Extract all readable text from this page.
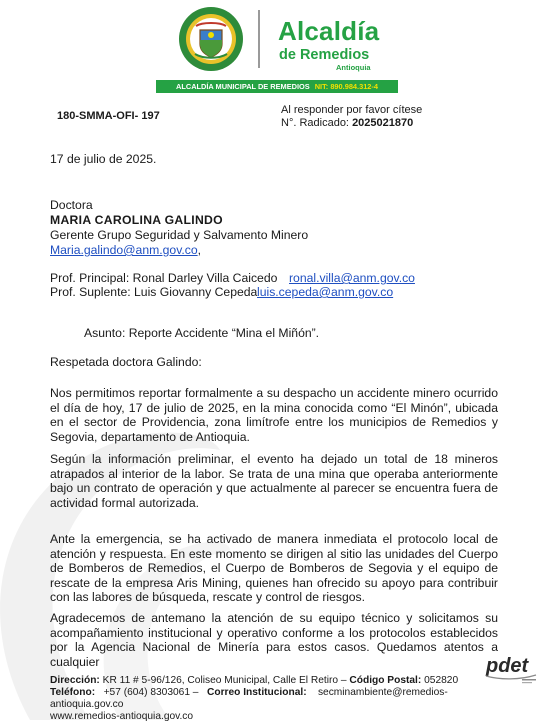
Alcaldía
de Remedios
Antioquia
ALCALDÍA MUNICIPAL DE REMEDIOS NIT: 890.984.312-4
180-SMMA-OFI- 197	Al responder por favor cítese
N°. Radicado: 2025021870
17 de julio de 2025.
Doctora
MARIA CAROLINA GALINDO
Gerente Grupo Seguridad y Salvamento Minero
Maria.galindo@anm.gov.co,
Prof. Principal: Ronal Darley Villa Caicedo ronal.villa@anm.gov.co
Prof. Suplente: Luis Giovanny Cepeda luis.cepeda@anm.gov.co
Asunto: Reporte Accidente “Mina el Miñón”.
Respetada doctora Galindo:
Nos permitimos reportar formalmente a su despacho un accidente minero ocurrido el día de hoy, 17 de julio de 2025, en la mina conocida como “El Minón”, ubicada en el sector de Providencia, zona limítrofe entre los municipios de Remedios y Segovia, departamento de Antioquia.
Según la información preliminar, el evento ha dejado un total de 18 mineros atrapados al interior de la labor. Se trata de una mina que operaba anteriormente bajo un contrato de operación y que actualmente al parecer se encuentra fuera de actividad formal autorizada.
Ante la emergencia, se ha activado de manera inmediata el protocolo local de atención y respuesta. En este momento se dirigen al sitio las unidades del Cuerpo de Bomberos de Remedios, el Cuerpo de Bomberos de Segovia y el equipo de rescate de la empresa Aris Mining, quienes han ofrecido su apoyo para contribuir con las labores de búsqueda, rescate y control de riesgos.
Agradecemos de antemano la atención de su equipo técnico y solicitamos su acompañamiento institucional y operativo conforme a los protocolos establecidos por la Agencia Nacional de Minería para estos casos. Quedamos atentos a cualquier	pdet
Dirección: KR 11 # 5-96/126, Coliseo Municipal, Calle El Retiro – Código Postal: 052820
Teléfono: +57 (604) 8303061 – Correo Institucional: secminambiente@remedios-
antioquia.gov.co
www.remedios-antioquia.gov.co
